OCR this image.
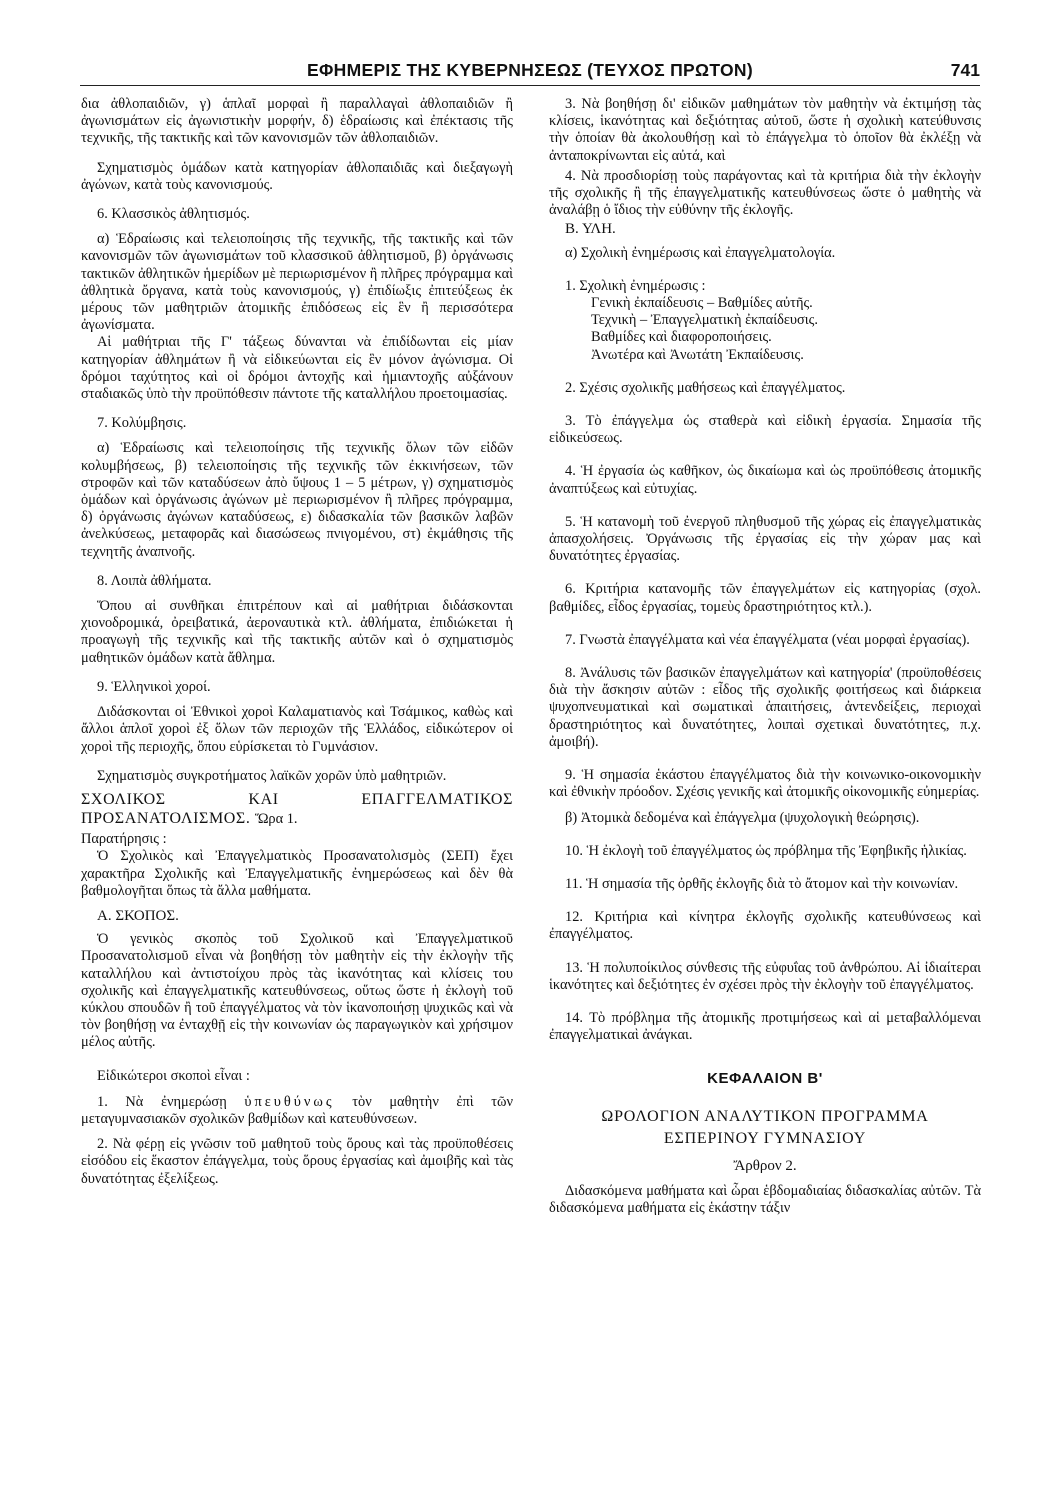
ΕΦΗΜΕΡΙΣ ΤΗΣ ΚΥΒΕΡΝΗΣΕΩΣ (ΤΕΥΧΟΣ ΠΡΩΤΟΝ)	741

δια ἀθλοπαιδιῶν, γ) ἁπλαῖ μορφαὶ ἢ παραλλαγαὶ ἀθλοπαιδιῶν ἢ ἀγωνισμάτων εἰς ἀγωνιστικὴν μορφήν, δ) ἑδραίωσις καὶ ἐπέκτασις τῆς τεχνικῆς, τῆς τακτικῆς καὶ τῶν κανονισμῶν τῶν ἀθλοπαιδιῶν.

Σχηματισμὸς ὁμάδων κατὰ κατηγορίαν ἀθλοπαιδιᾶς καὶ διεξαγωγὴ ἀγώνων, κατὰ τοὺς κανονισμούς.

6. Κλασσικὸς ἀθλητισμός.

α) Ἑδραίωσις καὶ τελειοποίησις τῆς τεχνικῆς, τῆς τακτικῆς καὶ τῶν κανονισμῶν τῶν ἀγωνισμάτων τοῦ κλασσικοῦ ἀθλητισμοῦ, β) ὀργάνωσις τακτικῶν ἀθλητικῶν ἡμερίδων μὲ περιωρισμένον ἢ πλῆρες πρόγραμμα καὶ ἀθλητικὰ ὄργανα, κατὰ τοὺς κανονισμούς, γ) ἐπιδίωξις ἐπιτεύξεως ἐκ μέρους τῶν μαθητριῶν ἀτομικῆς ἐπιδόσεως εἰς ἓν ἢ περισσότερα ἀγωνίσματα.

Αἱ μαθήτριαι τῆς Γ' τάξεως δύνανται νὰ ἐπιδίδωνται εἰς μίαν κατηγορίαν ἀθλημάτων ἢ νὰ εἰδικεύωνται εἰς ἓν μόνον ἀγώνισμα. Οἱ δρόμοι ταχύτητος καὶ οἱ δρόμοι ἀντοχῆς καὶ ἡμιαντοχῆς αὐξάνουν σταδιακῶς ὑπὸ τὴν προϋπόθεσιν πάντοτε τῆς καταλλήλου προετοιμασίας.

7. Κολύμβησις.

α) Ἑδραίωσις καὶ τελειοποίησις τῆς τεχνικῆς ὅλων τῶν εἰδῶν κολυμβήσεως, β) τελειοποίησις τῆς τεχνικῆς τῶν ἐκκινήσεων, τῶν στροφῶν καὶ τῶν καταδύσεων ἀπὸ ὕψους 1 – 5 μέτρων, γ) σχηματισμὸς ὁμάδων καὶ ὀργάνωσις ἀγώνων μὲ περιωρισμένον ἢ πλῆρες πρόγραμμα, δ) ὀργάνωσις ἀγώνων καταδύσεως, ε) διδασκαλία τῶν βασικῶν λαβῶν ἀνελκύσεως, μεταφορᾶς καὶ διασώσεως πνιγομένου, στ) ἐκμάθησις τῆς τεχνητῆς ἀναπνοῆς.

8. Λοιπὰ ἀθλήματα.

Ὅπου αἱ συνθῆκαι ἐπιτρέπουν καὶ αἱ μαθήτριαι διδάσκονται χιονοδρομικά, ὀρειβατικά, ἀεροναυτικὰ κτλ. ἀθλήματα, ἐπιδιώκεται ἡ προαγωγὴ τῆς τεχνικῆς καὶ τῆς τακτικῆς αὐτῶν καὶ ὁ σχηματισμὸς μαθητικῶν ὁμάδων κατὰ ἄθλημα.

9. Ἑλληνικοὶ χοροί.

Διδάσκονται οἱ Ἐθνικοὶ χοροὶ Καλαματιανὸς καὶ Τσάμικος, καθὼς καὶ ἄλλοι ἁπλοῖ χοροὶ ἐξ ὅλων τῶν περιοχῶν τῆς Ἑλλάδος, εἰδικώτερον οἱ χοροὶ τῆς περιοχῆς, ὅπου εὑρίσκεται τὸ Γυμνάσιον.

Σχηματισμὸς συγκροτήματος λαϊκῶν χορῶν ὑπὸ μαθητριῶν.

ΣΧΟΛΙΚΟΣ ΚΑΙ ΕΠΑΓΓΕΛΜΑΤΙΚΟΣ ΠΡΟΣΑΝΑΤΟΛΙΣΜΟΣ. Ὥρα 1.

Παρατήρησις :

Ὁ Σχολικὸς καὶ Ἐπαγγελματικὸς Προσανατολισμὸς (ΣΕΠ) ἔχει χαρακτῆρα Σχολικῆς καὶ Ἐπαγγελματικῆς ἐνημερώσεως καὶ δὲν θὰ βαθμολογῆται ὅπως τὰ ἄλλα μαθήματα.

Α. ΣΚΟΠΟΣ.

Ὁ γενικὸς σκοπὸς τοῦ Σχολικοῦ καὶ Ἐπαγγελματικοῦ Προσανατολισμοῦ εἶναι νὰ βοηθήσῃ τὸν μαθητὴν εἰς τὴν ἐκλογὴν τῆς καταλλήλου καὶ ἀντιστοίχου πρὸς τὰς ἱκανότητας καὶ κλίσεις του σχολικῆς καὶ ἐπαγγελματικῆς κατευθύνσεως, οὕτως ὥστε ἡ ἐκλογὴ τοῦ κύκλου σπουδῶν ἢ τοῦ ἐπαγγέλματος νὰ τὸν ἱκανοποιήσῃ ψυχικῶς καὶ νὰ τὸν βοηθήσῃ να ἐνταχθῇ εἰς τὴν κοινωνίαν ὡς παραγωγικὸν καὶ χρήσιμον μέλος αὐτῆς.

Εἰδικώτεροι σκοποὶ εἶναι :

1. Νὰ ἐνημερώσῃ ὑπευθύνως τὸν μαθητὴν ἐπὶ τῶν μεταγυμνασιακῶν σχολικῶν βαθμίδων καὶ κατευθύνσεων.

2. Νὰ φέρῃ εἰς γνῶσιν τοῦ μαθητοῦ τοὺς ὅρους καὶ τὰς προϋποθέσεις εἰσόδου εἰς ἕκαστον ἐπάγγελμα, τοὺς ὅρους ἐργασίας καὶ ἀμοιβῆς καὶ τὰς δυνατότητας ἐξελίξεως.

3. Νὰ βοηθήσῃ δι' εἰδικῶν μαθημάτων τὸν μαθητὴν νὰ ἐκτιμήσῃ τὰς κλίσεις, ἱκανότητας καὶ δεξιότητας αὐτοῦ, ὥστε ἡ σχολικὴ κατεύθυνσις τὴν ὁποίαν θὰ ἀκολουθήσῃ καὶ τὸ ἐπάγγελμα τὸ ὁποῖον θὰ ἐκλέξῃ νὰ ἀνταποκρίνωνται εἰς αὐτά, καὶ

4. Νὰ προσδιορίσῃ τοὺς παράγοντας καὶ τὰ κριτήρια διὰ τὴν ἐκλογὴν τῆς σχολικῆς ἢ τῆς ἐπαγγελματικῆς κατευθύνσεως ὥστε ὁ μαθητὴς νὰ ἀναλάβῃ ὁ ἴδιος τὴν εὐθύνην τῆς ἐκλογῆς.

Β. ΥΛΗ.

α) Σχολικὴ ἐνημέρωσις καὶ ἐπαγγελματολογία.

1. Σχολικὴ ἐνημέρωσις :

Γενικὴ ἐκπαίδευσις – Βαθμίδες αὐτῆς.
Τεχνικὴ – Ἐπαγγελματικὴ ἐκπαίδευσις.
Βαθμίδες καὶ διαφοροποιήσεις.
Ἀνωτέρα καὶ Ἀνωτάτη Ἐκπαίδευσις.

2. Σχέσις σχολικῆς μαθήσεως καὶ ἐπαγγέλματος.

3. Τὸ ἐπάγγελμα ὡς σταθερὰ καὶ εἰδικὴ ἐργασία. Σημασία τῆς εἰδικεύσεως.

4. Ἡ ἐργασία ὡς καθῆκον, ὡς δικαίωμα καὶ ὡς προϋπόθεσις ἀτομικῆς ἀναπτύξεως καὶ εὐτυχίας.

5. Ἡ κατανομὴ τοῦ ἐνεργοῦ πληθυσμοῦ τῆς χώρας εἰς ἐπαγγελματικὰς ἀπασχολήσεις. Ὀργάνωσις τῆς ἐργασίας εἰς τὴν χώραν μας καὶ δυνατότητες ἐργασίας.

6. Κριτήρια κατανομῆς τῶν ἐπαγγελμάτων εἰς κατηγορίας (σχολ. βαθμίδες, εἶδος ἐργασίας, τομεὺς δραστηριότητος κτλ.).

7. Γνωστὰ ἐπαγγέλματα καὶ νέα ἐπαγγέλματα (νέαι μορφαὶ ἐργασίας).

8. Ἀνάλυσις τῶν βασικῶν ἐπαγγελμάτων καὶ κατηγορία' (προϋποθέσεις διὰ τὴν ἄσκησιν αὐτῶν : εἶδος τῆς σχολικῆς φοιτήσεως καὶ διάρκεια ψυχοπνευματικαὶ καὶ σωματικαὶ ἀπαιτήσεις, ἀντενδείξεις, περιοχαὶ δραστηριότητος καὶ δυνατότητες, λοιπαὶ σχετικαὶ δυνατότητες, π.χ. ἀμοιβή).

9. Ἡ σημασία ἑκάστου ἐπαγγέλματος διὰ τὴν κοινωνικο-οικονομικὴν καὶ ἐθνικὴν πρόοδον. Σχέσις γενικῆς καὶ ἀτομικῆς οἰκονομικῆς εὐημερίας.

β) Ἀτομικὰ δεδομένα καὶ ἐπάγγελμα (ψυχολογικὴ θεώρησις).

10. Ἡ ἐκλογὴ τοῦ ἐπαγγέλματος ὡς πρόβλημα τῆς Ἐφηβικῆς ἡλικίας.

11. Ἡ σημασία τῆς ὀρθῆς ἐκλογῆς διὰ τὸ ἄτομον καὶ τὴν κοινωνίαν.

12. Κριτήρια καὶ κίνητρα ἐκλογῆς σχολικῆς κατευθύνσεως καὶ ἐπαγγέλματος.

13. Ἡ πολυποίκιλος σύνθεσις τῆς εὐφυΐας τοῦ ἀνθρώπου. Αἱ ἰδιαίτεραι ἱκανότητες καὶ δεξιότητες ἐν σχέσει πρὸς τὴν ἐκλογὴν τοῦ ἐπαγγέλματος.

14. Τὸ πρόβλημα τῆς ἀτομικῆς προτιμήσεως καὶ αἱ μεταβαλλόμεναι ἐπαγγελματικαὶ ἀνάγκαι.

ΚΕΦΑΛΑΙΟΝ Β'

ΩΡΟΛΟΓΙΟΝ ΑΝΑΛΥΤΙΚΟΝ ΠΡΟΓΡΑΜΜΑ
ΕΣΠΕΡΙΝΟΥ ΓΥΜΝΑΣΙΟΥ

Ἄρθρον 2.

Διδασκόμενα μαθήματα καὶ ὧραι ἑβδομαδιαίας διδασκαλίας αὐτῶν. Τὰ διδασκόμενα μαθήματα εἰς ἑκάστην τάξιν
